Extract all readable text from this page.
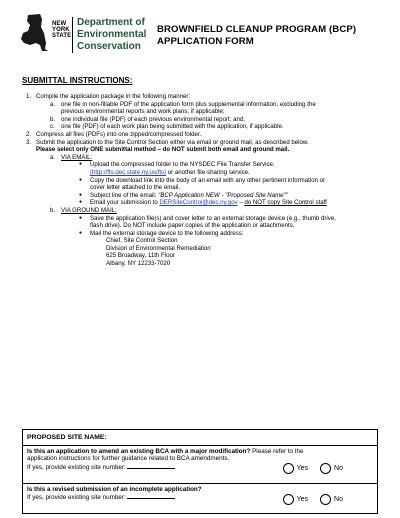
NEW
YORK
STATE
Department of
Environmental
Conservation
BROWNFIELD CLEANUP PROGRAM (BCP)
APPLICATION FORM
SUBMITTAL INSTRUCTIONS:
1. Compile the application package in the following manner:
a. one file in non-fillable PDF of the application form plus supplemental information, excluding the
previous environmental reports and work plans, if applicable;
b. one individual file (PDF) of each previous environmental report; and,
c. one file (PDF) of each work plan being submitted with the application, if applicable.
2. Compress all files (PDFs) into one zipped/compressed folder.
3. Submit the application to the Site Control Section either via email or ground mail, as described below.
Please select only ONE submittal method – do NOT submit both email and ground mail.
a. VIA EMAIL:
● Upload the compressed folder to the NYSDEC File Transfer Service.
(http://fts.dec.state.ny.us/fts) or another file-sharing service.
● Copy the download link into the body of an email with any other pertinent information or
cover letter attached to the email.
● Subject line of the email: "BCP Application NEW - "Proposed Site Name""
● Email your submission to DERSiteControl@dec.ny.gov – do NOT copy Site Control staff
b. VIA GROUND MAIL:
● Save the application file(s) and cover letter to an external storage device (e.g., thumb drive,
flash drive). Do NOT include paper copies of the application or attachments.
● Mail the external storage device to the following address:
Chief, Site Control Section
Division of Environmental Remediation
625 Broadway, 11th Floor
Albany, NY 12233-7020
PROPOSED SITE NAME:
Is this an application to amend an existing BCA with a major modification? Please refer to the
application instructions for further guidance related to BCA amendments.
If yes, provide existing site number:	Yes	No
Is this a revised submission of an incomplete application?
If yes, provide existing site number:	Yes	No
